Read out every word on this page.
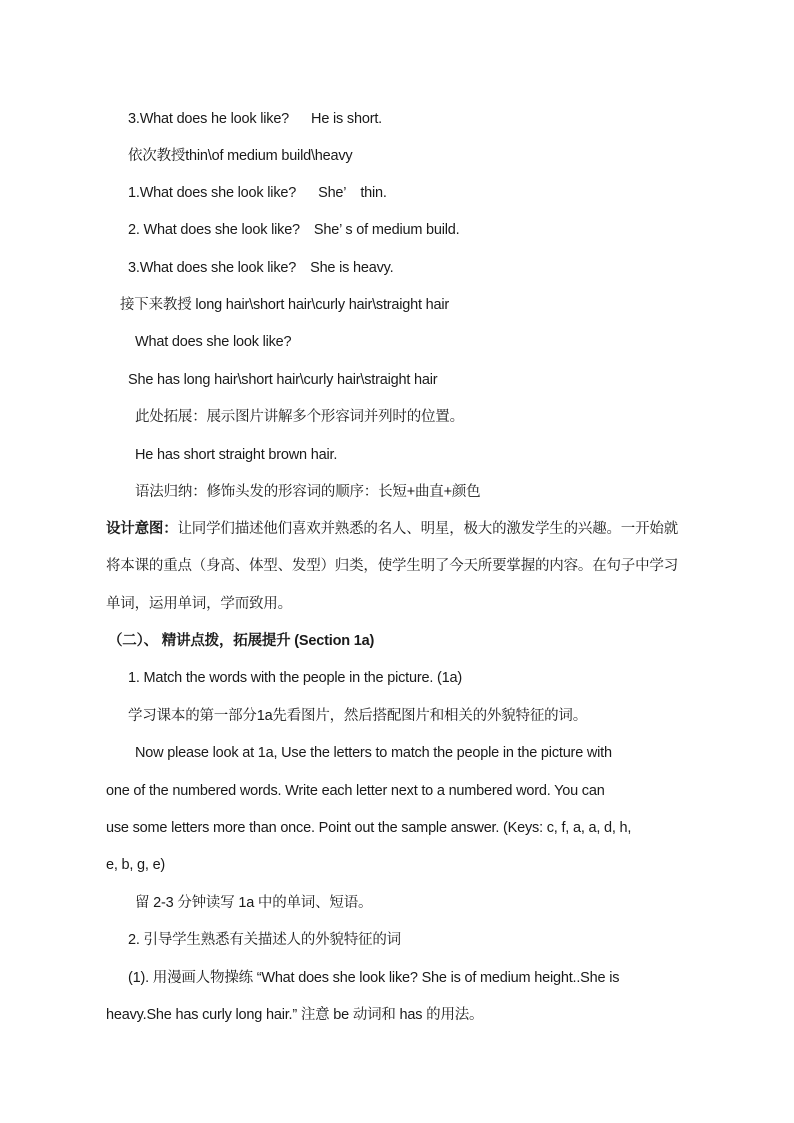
3.What does he look like? He is short.
依次教授thin\of medium build\heavy
1.What does she look like? She’ thin.
2. What does she look like? She’ s of medium build.
3.What does she look like? She is heavy.
接下来教授 long hair\short hair\curly hair\straight hair
What does she look like?
She has long hair\short hair\curly hair\straight hair
此处拓展：展示图片讲解多个形容词并列时的位置。
He has short straight brown hair.
语法归纳：修饰头发的形容词的顺序：长短+曲直+颜色
设计意图：让同学们描述他们喜欢并熟悉的名人、明星，极大的激发学生的兴趣。一开始就
将本课的重点（身高、体型、发型）归类，使学生明了今天所要掌握的内容。在句子中学习
单词，运用单词，学而致用。
（二）、 精讲点拨，拓展提升 (Section 1a)
1. Match the words with the people in the picture. (1a)
学习课本的第一部分1a先看图片，然后搭配图片和相关的外貌特征的词。
Now please look at 1a, Use the letters to match the people in the picture with
one of the numbered words. Write each letter next to a numbered word. You can
use some letters more than once. Point out the sample answer. (Keys: c, f, a, a, d, h,
e, b, g, e)
留 2-3 分钟读写 1a 中的单词、短语。
2. 引导学生熟悉有关描述人的外貌特征的词
(1). 用漫画人物操练 “What does she look like? She is of medium height..She is
heavy.She has curly long hair.” 注意 be 动词和 has 的用法。
